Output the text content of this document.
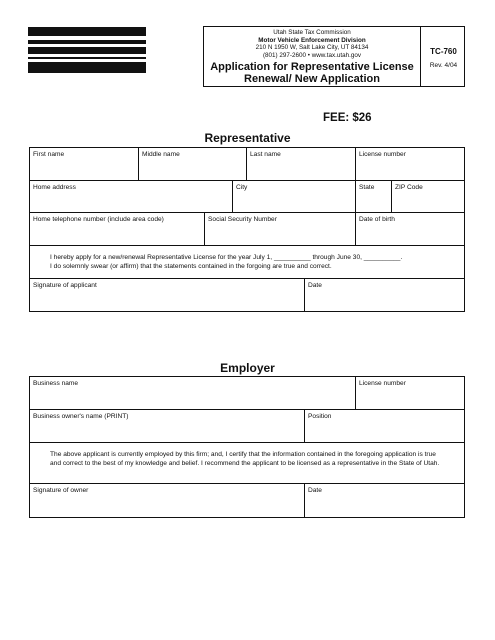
Utah State Tax Commission
Motor Vehicle Enforcement Division
210 N 1950 W, Salt Lake City, UT 84134
(801) 297-2600 • www.tax.utah.gov
Application for Representative License
Renewal/ New Application
TC-760
Rev. 4/04
FEE: $26
Representative
First name	Middle name	Last name	License number
Home address	City	State	ZIP Code
Home telephone number (include area code)	Social Security Number	Date of birth
I hereby apply for a new/renewal Representative License for the year July 1, __________ through June 30, __________.
I do solemnly swear (or affirm) that the statements contained in the forgoing are true and correct.
Signature of applicant	Date
Employer
Business name	License number
Business owner's name (PRINT)	Position
The above applicant is currently employed by this firm; and, I certify that the information contained in the foregoing application is true and correct to the best of my knowledge and belief. I recommend the applicant to be licensed as a representative in the State of Utah.
Signature of owner	Date
